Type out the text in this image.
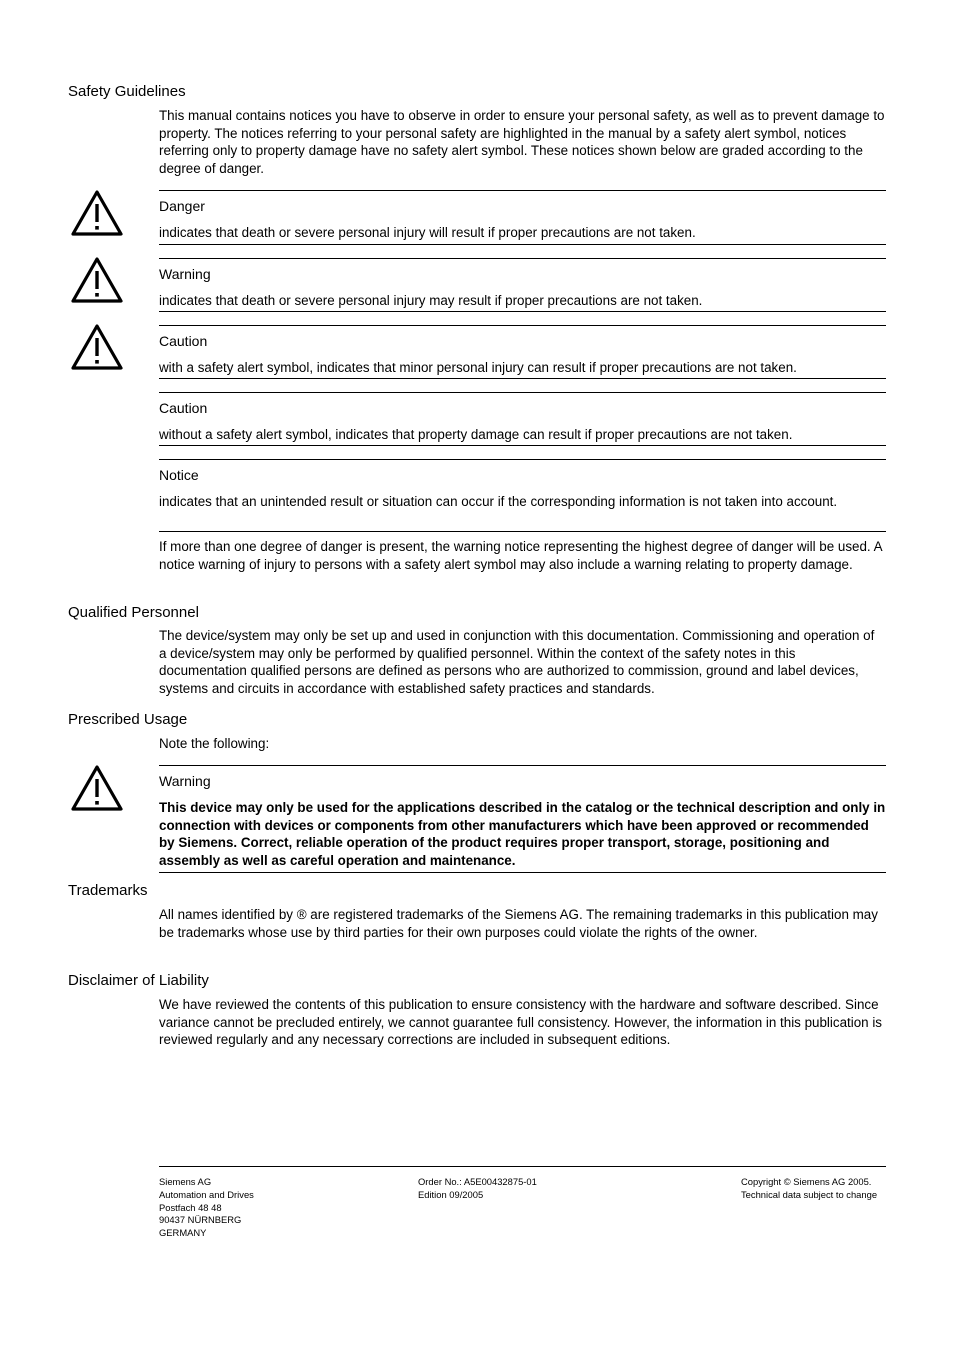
Safety Guidelines

This manual contains notices you have to observe in order to ensure your personal safety, as well as to prevent damage to property. The notices referring to your personal safety are highlighted in the manual by a safety alert symbol, notices referring only to property damage have no safety alert symbol. These notices shown below are graded according to the degree of danger.

Danger
indicates that death or severe personal injury will result if proper precautions are not taken.
Warning
indicates that death or severe personal injury may result if proper precautions are not taken.
Caution
with a safety alert symbol, indicates that minor personal injury can result if proper precautions are not taken.
Caution
without a safety alert symbol, indicates that property damage can result if proper precautions are not taken.
Notice
indicates that an unintended result or situation can occur if the corresponding information is not taken into account.

If more than one degree of danger is present, the warning notice representing the highest degree of danger will be used. A notice warning of injury to persons with a safety alert symbol may also include a warning relating to property damage.

Qualified Personnel

The device/system may only be set up and used in conjunction with this documentation. Commissioning and operation of a device/system may only be performed by qualified personnel. Within the context of the safety notes in this documentation qualified persons are defined as persons who are authorized to commission, ground and label devices, systems and circuits in accordance with established safety practices and standards.

Prescribed Usage

Note the following:

Warning
This device may only be used for the applications described in the catalog or the technical description and only in connection with devices or components from other manufacturers which have been approved or recommended by Siemens. Correct, reliable operation of the product requires proper transport, storage, positioning and assembly as well as careful operation and maintenance.
Trademarks

All names identified by ® are registered trademarks of the Siemens AG. The remaining trademarks in this publication may be trademarks whose use by third parties for their own purposes could violate the rights of the owner.

Disclaimer of Liability

We have reviewed the contents of this publication to ensure consistency with the hardware and software described. Since variance cannot be precluded entirely, we cannot guarantee full consistency. However, the information in this publication is reviewed regularly and any necessary corrections are included in subsequent editions.

Siemens AG
Automation and Drives
Postfach 48 48
90437 NÜRNBERG
GERMANY
Order No.: A5E00432875-01
Edition 09/2005
Copyright © Siemens AG 2005.
Technical data subject to change
